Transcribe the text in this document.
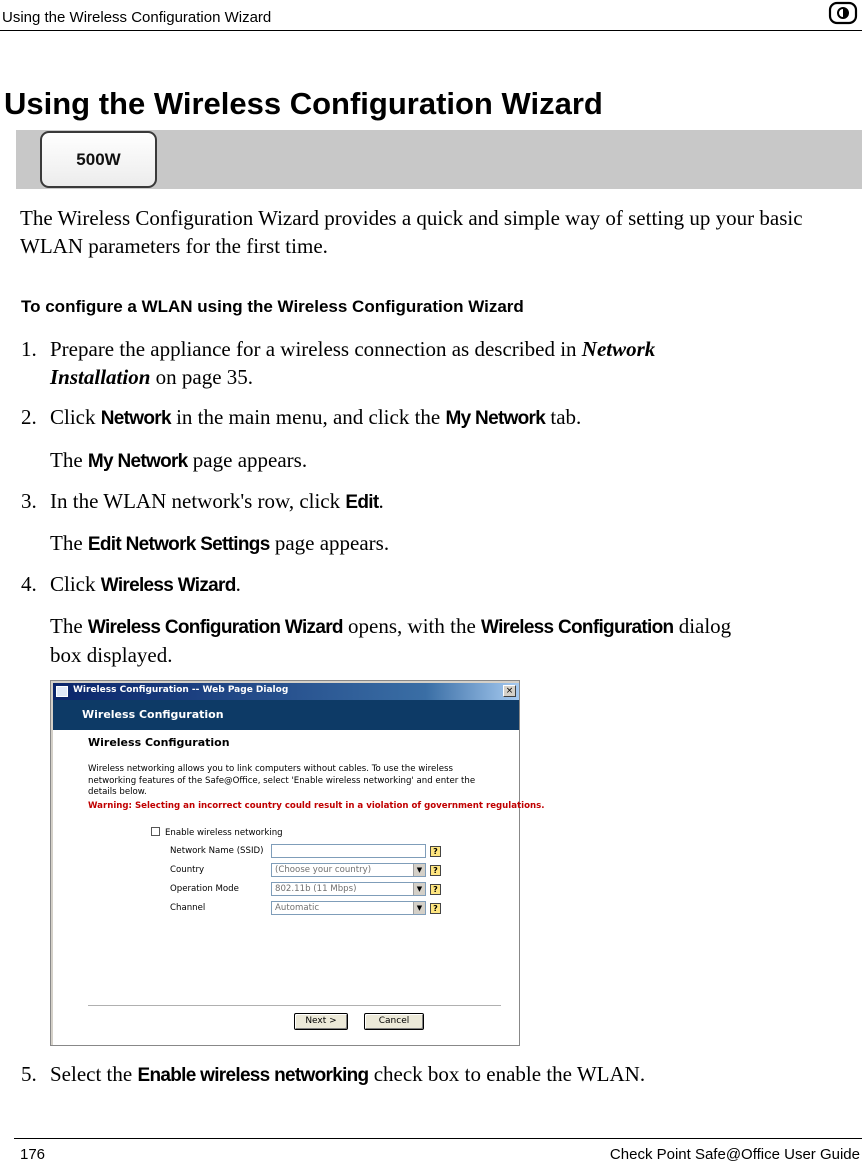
Using the Wireless Configuration Wizard
Using the Wireless Configuration Wizard
500W

The Wireless Configuration Wizard provides a quick and simple way of setting up your basic WLAN parameters for the first time.

To configure a WLAN using the Wireless Configuration Wizard
1. Prepare the appliance for a wireless connection as described in Network
Installation on page 35.
2. Click Network in the main menu, and click the My Network tab.
The My Network page appears.
3. In the WLAN network's row, click Edit.
The Edit Network Settings page appears.
4. Click Wireless Wizard.
The Wireless Configuration Wizard opens, with the Wireless Configuration dialog
box displayed.
Wireless Configuration -- Web Page Dialog	×
Wireless Configuration
Wireless Configuration
Wireless networking allows you to link computers without cables. To use the wireless networking features of the Safe@Office, select 'Enable wireless networking' and enter the details below.
Warning: Selecting an incorrect country could result in a violation of government regulations.
Enable wireless networking
Network Name (SSID)	?
Country	(Choose your country)	▼	?
Operation Mode	802.11b (11 Mbps)	▼	?
Channel	Automatic	▼	?
Next >	Cancel
5. Select the Enable wireless networking check box to enable the WLAN.
176	Check Point Safe@Office User Guide
